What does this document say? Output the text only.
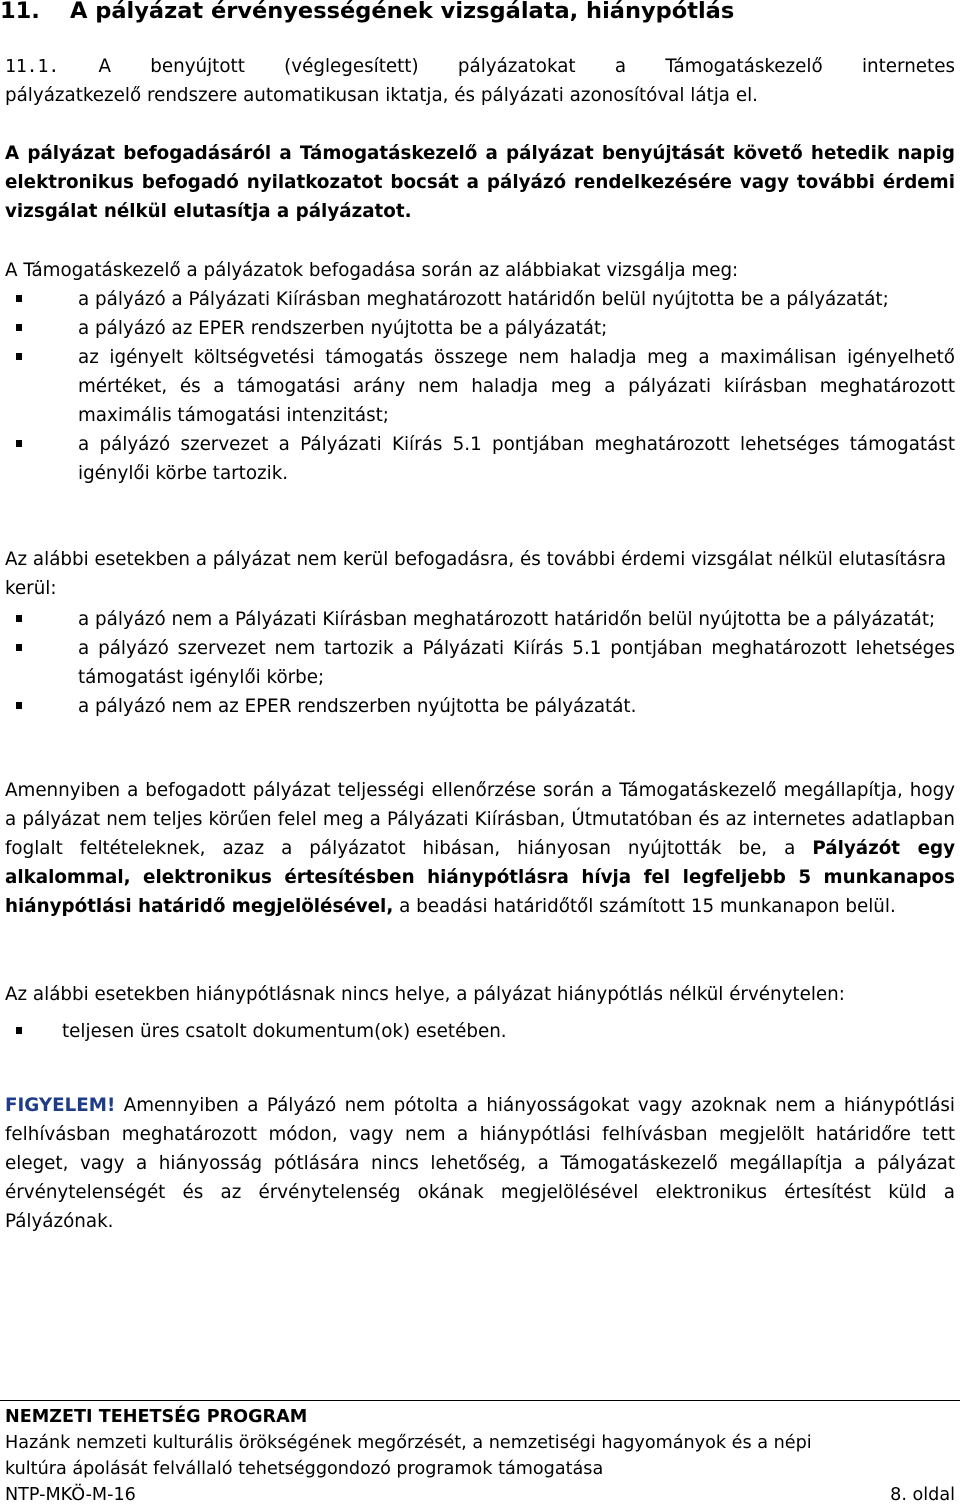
11. A pályázat érvényességének vizsgálata, hiánypótlás
11.1. A benyújtott (véglegesített) pályázatokat a Támogatáskezelő internetes
pályázatkezelő rendszere automatikusan iktatja, és pályázati azonosítóval látja el.
A pályázat befogadásáról a Támogatáskezelő a pályázat benyújtását követő hetedik napig elektronikus befogadó nyilatkozatot bocsát a pályázó rendelkezésére vagy további érdemi vizsgálat nélkül elutasítja a pályázatot.
A Támogatáskezelő a pályázatok befogadása során az alábbiakat vizsgálja meg:
a pályázó a Pályázati Kiírásban meghatározott határidőn belül nyújtotta be a pályázatát;
a pályázó az EPER rendszerben nyújtotta be a pályázatát;
az igényelt költségvetési támogatás összege nem haladja meg a maximálisan igényelhető mértéket, és a támogatási arány nem haladja meg a pályázati kiírásban meghatározott maximális támogatási intenzitást;
a pályázó szervezet a Pályázati Kiírás 5.1 pontjában meghatározott lehetséges támogatást igénylői körbe tartozik.
Az alábbi esetekben a pályázat nem kerül befogadásra, és további érdemi vizsgálat nélkül elutasításra kerül:
a pályázó nem a Pályázati Kiírásban meghatározott határidőn belül nyújtotta be a pályázatát;
a pályázó szervezet nem tartozik a Pályázati Kiírás 5.1 pontjában meghatározott lehetséges támogatást igénylői körbe;
a pályázó nem az EPER rendszerben nyújtotta be pályázatát.
Amennyiben a befogadott pályázat teljességi ellenőrzése során a Támogatáskezelő megállapítja, hogy a pályázat nem teljes körűen felel meg a Pályázati Kiírásban, Útmutatóban és az internetes adatlapban foglalt feltételeknek, azaz a pályázatot hibásan, hiányosan nyújtották be, a Pályázót egy alkalommal, elektronikus értesítésben hiánypótlásra hívja fel legfeljebb 5 munkanapos hiánypótlási határidő megjelölésével, a beadási határidőtől számított 15 munkanapon belül.
Az alábbi esetekben hiánypótlásnak nincs helye, a pályázat hiánypótlás nélkül érvénytelen:
teljesen üres csatolt dokumentum(ok) esetében.
FIGYELEM! Amennyiben a Pályázó nem pótolta a hiányosságokat vagy azoknak nem a hiánypótlási felhívásban meghatározott módon, vagy nem a hiánypótlási felhívásban megjelölt határidőre tett eleget, vagy a hiányosság pótlására nincs lehetőség, a Támogatáskezelő megállapítja a pályázat érvénytelenségét és az érvénytelenség okának megjelölésével elektronikus értesítést küld a Pályázónak.
NEMZETI TEHETSÉG PROGRAM
Hazánk nemzeti kulturális örökségének megőrzését, a nemzetiségi hagyományok és a népi
kultúra ápolását felvállaló tehetséggondozó programok támogatása
NTP-MKÖ-M-16	8. oldal
